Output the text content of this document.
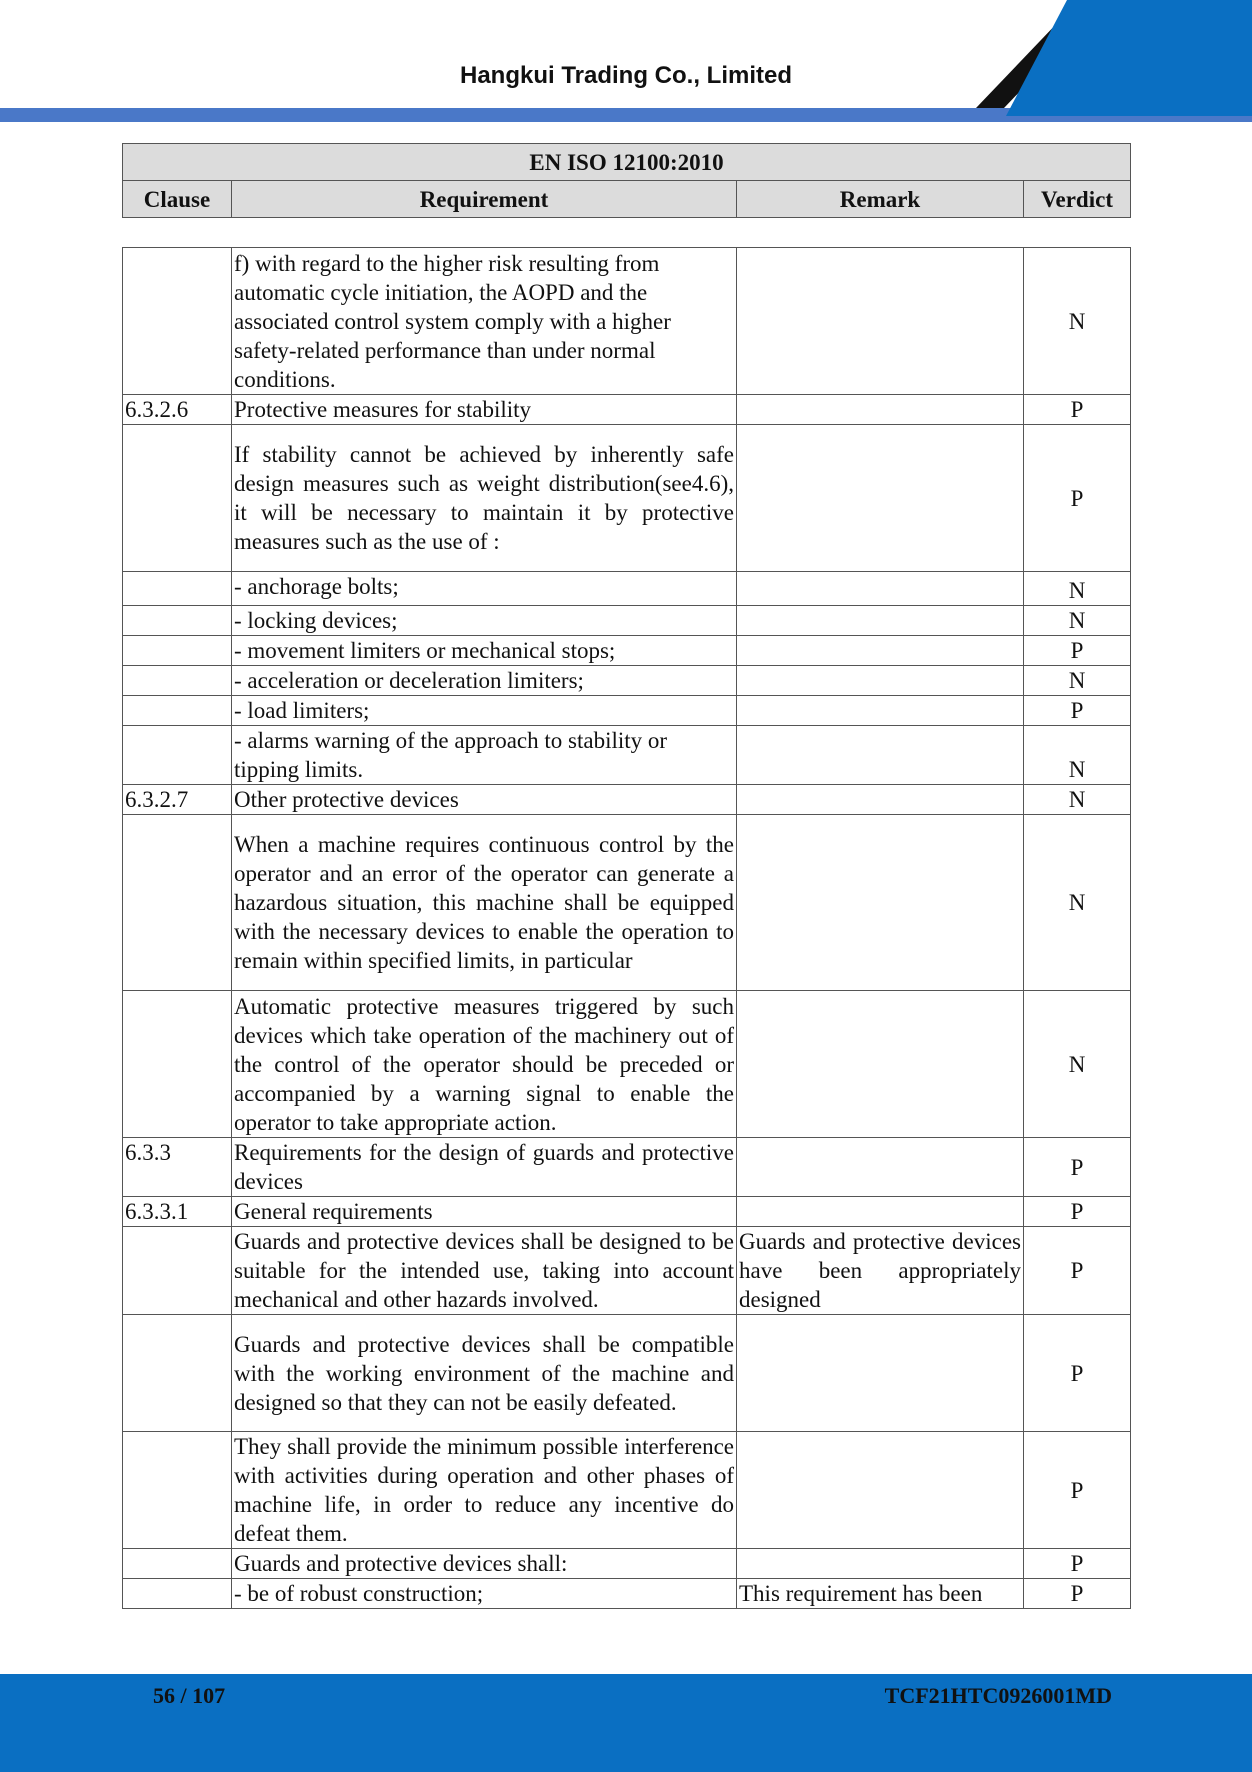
Hangkui Trading Co., Limited
EN ISO 12100:2010
Clause	Requirement	Remark	Verdict
	f) with regard to the higher risk resulting from automatic cycle initiation, the AOPD and the associated control system comply with a higher safety-related performance than under normal conditions.		N
6.3.2.6	Protective measures for stability		P
	If stability cannot be achieved by inherently safe design measures such as weight distribution(see4.6), it will be necessary to maintain it by protective measures such as the use of :		P
	- anchorage bolts;		N
	- locking devices;		N
	- movement limiters or mechanical stops;		P
	- acceleration or deceleration limiters;		N
	- load limiters;		P
	- alarms warning of the approach to stability or tipping limits.		N
6.3.2.7	Other protective devices		N
	When a machine requires continuous control by the operator and an error of the operator can generate a hazardous situation, this machine shall be equipped with the necessary devices to enable the operation to remain within specified limits, in particular		N
	Automatic protective measures triggered by such devices which take operation of the machinery out of the control of the operator should be preceded or accompanied by a warning signal to enable the operator to take appropriate action.		N
6.3.3	Requirements for the design of guards and protective devices		P
6.3.3.1	General requirements		P
	Guards and protective devices shall be designed to be suitable for the intended use, taking into account mechanical and other hazards involved.	Guards and protective devices have been appropriately designed	P
	Guards and protective devices shall be compatible with the working environment of the machine and designed so that they can not be easily defeated.		P
	They shall provide the minimum possible interference with activities during operation and other phases of machine life, in order to reduce any incentive do defeat them.		P
	Guards and protective devices shall:		P
	- be of robust construction;	This requirement has been	P
56 / 107	TCF21HTC0926001MD
